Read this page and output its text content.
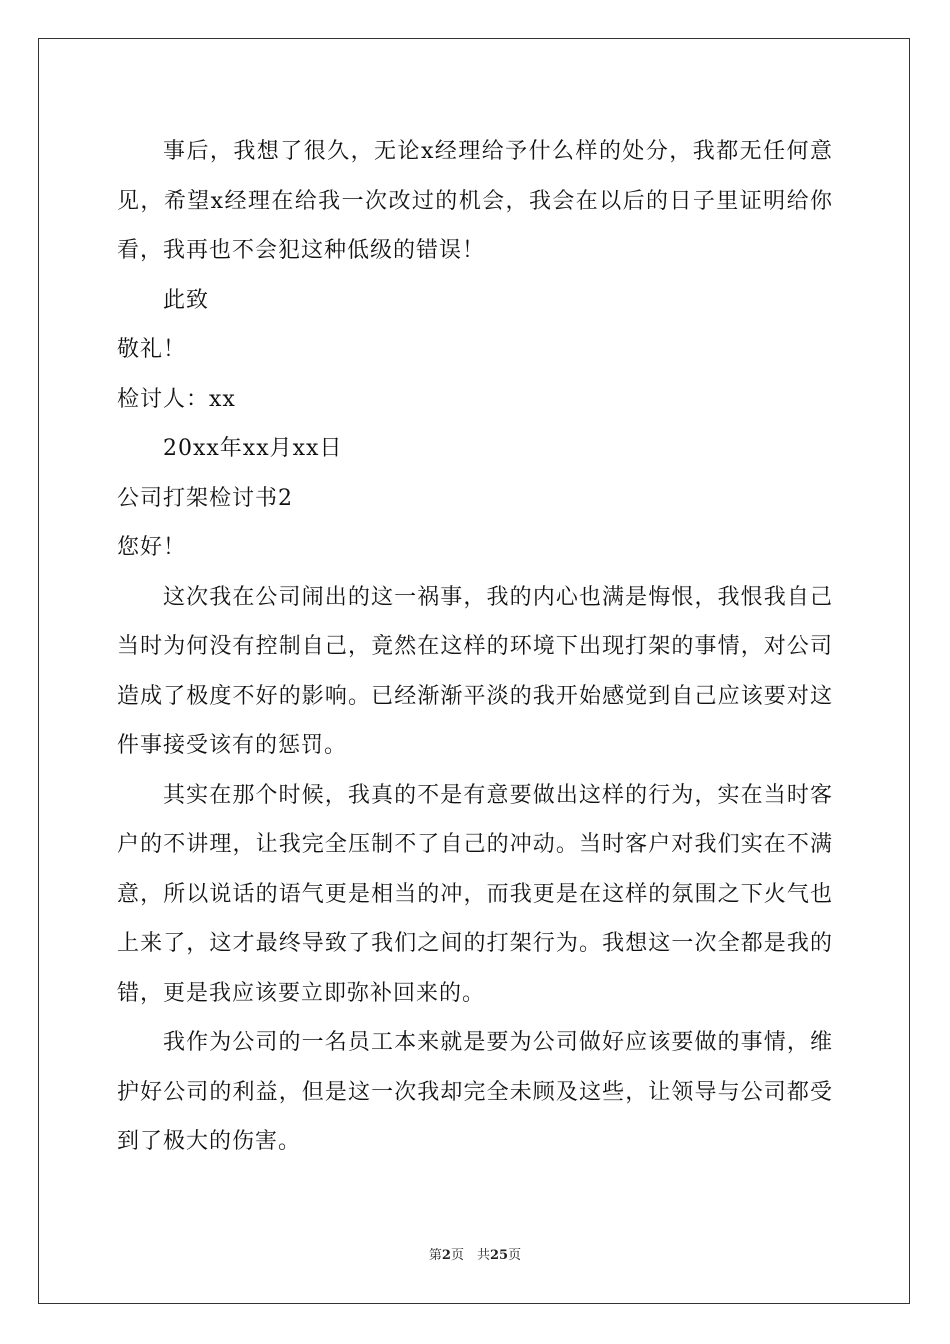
事后，我想了很久，无论x经理给予什么样的处分，我都无任何意见，希望x经理在给我一次改过的机会，我会在以后的日子里证明给你看，我再也不会犯这种低级的错误！

此致

敬礼！

检讨人：xx

20xx年xx月xx日

公司打架检讨书2

您好！

这次我在公司闹出的这一祸事，我的内心也满是悔恨，我恨我自己当时为何没有控制自己，竟然在这样的环境下出现打架的事情，对公司造成了极度不好的影响。已经渐渐平淡的我开始感觉到自己应该要对这件事接受该有的惩罚。

其实在那个时候，我真的不是有意要做出这样的行为，实在当时客户的不讲理，让我完全压制不了自己的冲动。当时客户对我们实在不满意，所以说话的语气更是相当的冲，而我更是在这样的氛围之下火气也上来了，这才最终导致了我们之间的打架行为。我想这一次全都是我的错，更是我应该要立即弥补回来的。

我作为公司的一名员工本来就是要为公司做好应该要做的事情，维护好公司的利益，但是这一次我却完全未顾及这些，让领导与公司都受到了极大的伤害。

第2页　共25页
